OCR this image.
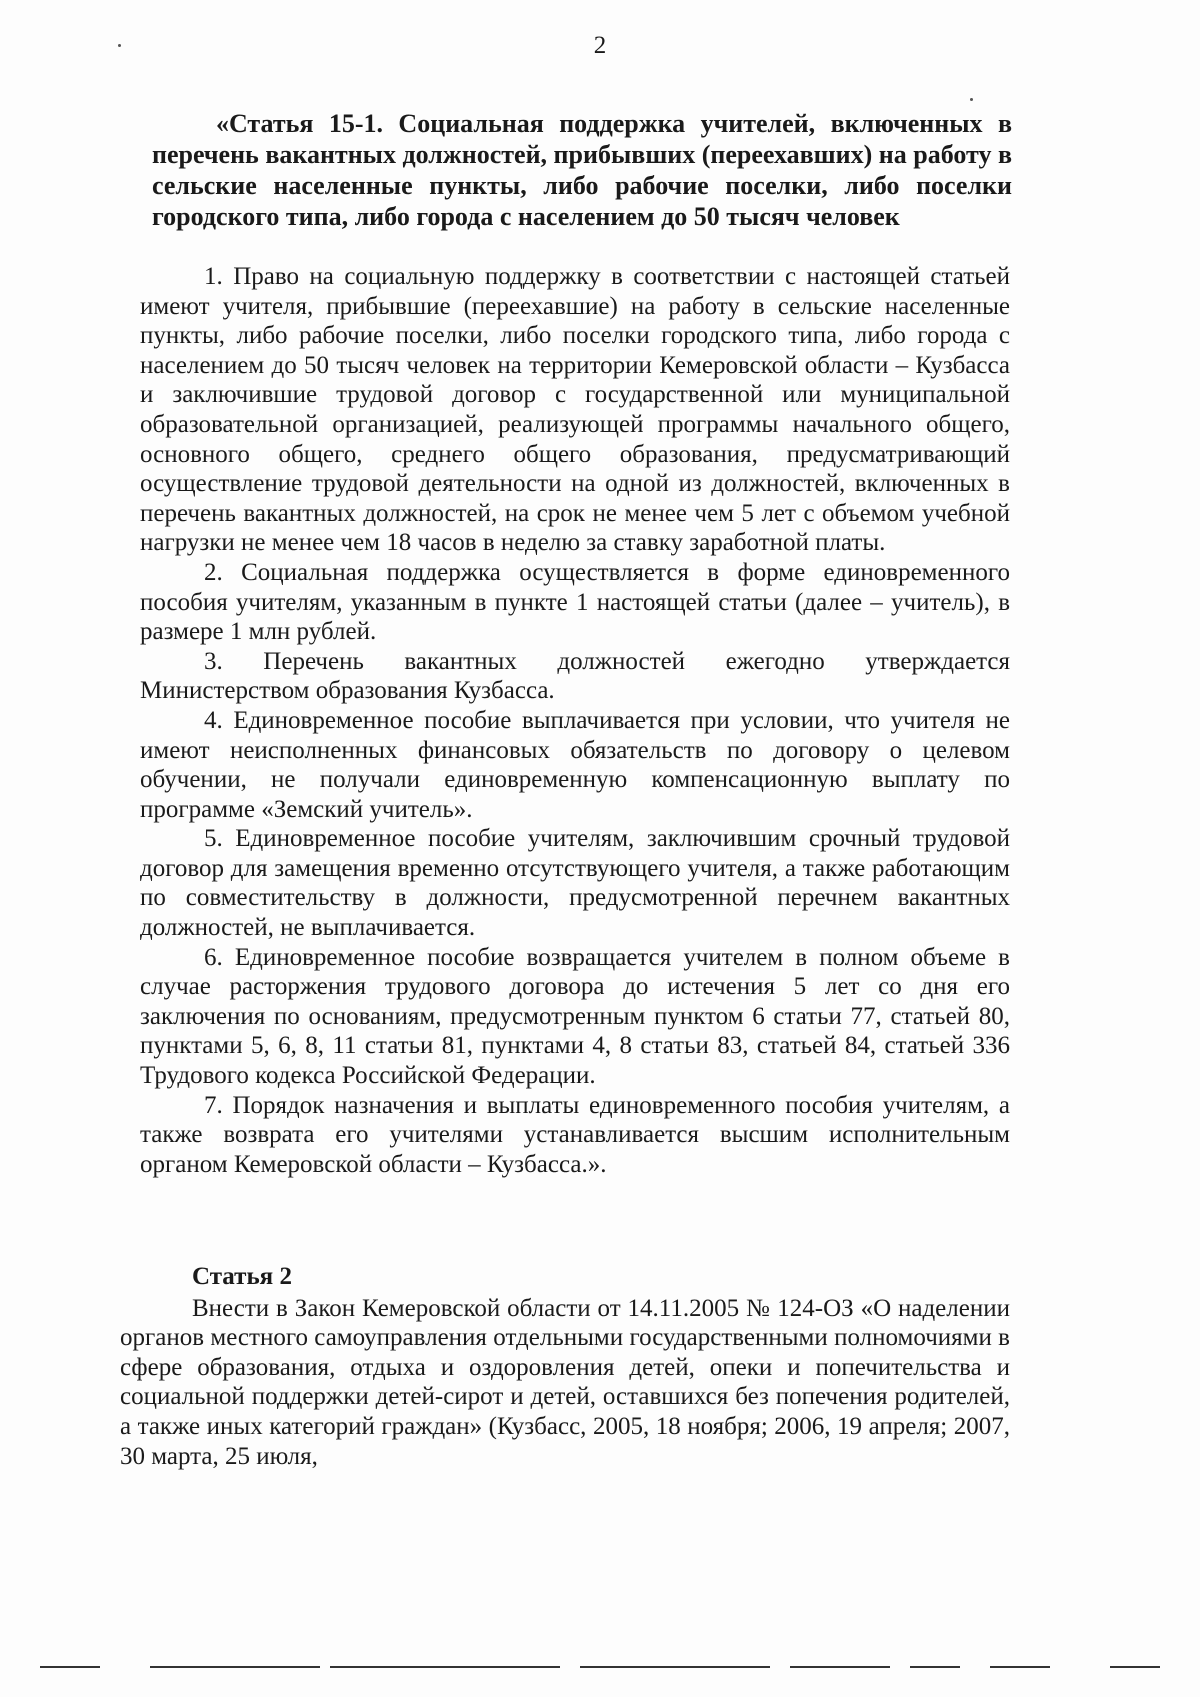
2
«Статья 15-1. Социальная поддержка учителей, включенных в перечень вакантных должностей, прибывших (переехавших) на работу в сельские населенные пункты, либо рабочие поселки, либо поселки городского типа, либо города с населением до 50 тысяч человек

1. Право на социальную поддержку в соответствии с настоящей статьей имеют учителя, прибывшие (переехавшие) на работу в сельские населенные пункты, либо рабочие поселки, либо поселки городского типа, либо города с населением до 50 тысяч человек на территории Кемеровской области – Кузбасса и заключившие трудовой договор с государственной или муниципальной образовательной организацией, реализующей программы начального общего, основного общего, среднего общего образования, предусматривающий осуществление трудовой деятельности на одной из должностей, включенных в перечень вакантных должностей, на срок не менее чем 5 лет с объемом учебной нагрузки не менее чем 18 часов в неделю за ставку заработной платы.

2. Социальная поддержка осуществляется в форме единовременного пособия учителям, указанным в пункте 1 настоящей статьи (далее – учитель), в размере 1 млн рублей.

3. Перечень вакантных должностей ежегодно утверждается Министерством образования Кузбасса.

4. Единовременное пособие выплачивается при условии, что учителя не имеют неисполненных финансовых обязательств по договору о целевом обучении, не получали единовременную компенсационную выплату по программе «Земский учитель».

5. Единовременное пособие учителям, заключившим срочный трудовой договор для замещения временно отсутствующего учителя, а также работающим по совместительству в должности, предусмотренной перечнем вакантных должностей, не выплачивается.

6. Единовременное пособие возвращается учителем в полном объеме в случае расторжения трудового договора до истечения 5 лет со дня его заключения по основаниям, предусмотренным пунктом 6 статьи 77, статьей 80, пунктами 5, 6, 8, 11 статьи 81, пунктами 4, 8 статьи 83, статьей 84, статьей 336 Трудового кодекса Российской Федерации.

7. Порядок назначения и выплаты единовременного пособия учителям, а также возврата его учителями устанавливается высшим исполнительным органом Кемеровской области – Кузбасса.».

Статья 2

Внести в Закон Кемеровской области от 14.11.2005 № 124-ОЗ «О наделении органов местного самоуправления отдельными государственными полномочиями в сфере образования, отдыха и оздоровления детей, опеки и попечительства и социальной поддержки детей-сирот и детей, оставшихся без попечения родителей, а также иных категорий граждан» (Кузбасс, 2005, 18 ноября; 2006, 19 апреля; 2007, 30 марта, 25 июля,
